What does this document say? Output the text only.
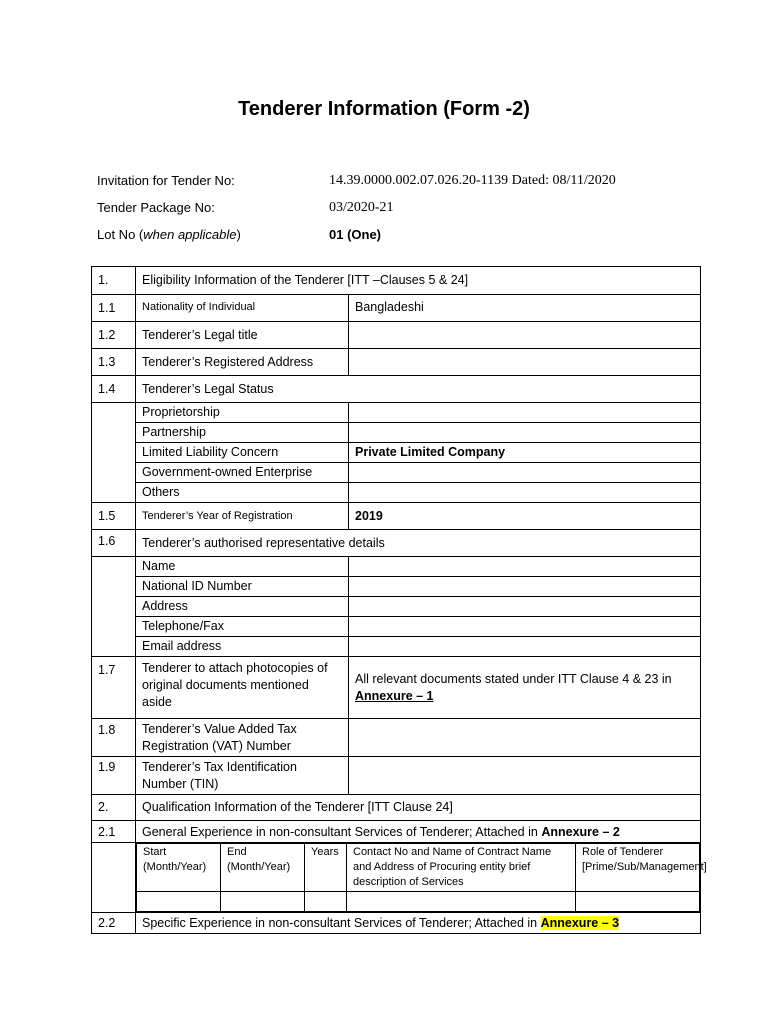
Tenderer Information (Form -2)
Invitation for Tender No:	14.39.0000.002.07.026.20-1139 Dated: 08/11/2020
Tender Package No:	03/2020-21
Lot No (when applicable)	01 (One)
1.	Eligibility Information of the Tenderer [ITT –Clauses 5 & 24]
1.1	Nationality of Individual	Bangladeshi
1.2	Tenderer’s Legal title	
1.3	Tenderer’s Registered Address	
1.4	Tenderer’s Legal Status
	Proprietorship	
Partnership	
Limited Liability Concern	Private Limited Company
Government-owned Enterprise	
Others	
1.5	Tenderer’s Year of Registration	2019
1.6	Tenderer’s authorised representative details
	Name	
National ID Number	
Address	
Telephone/Fax	
Email address	
1.7	Tenderer to attach photocopies of original documents mentioned aside	All relevant documents stated under ITT Clause 4 & 23 in Annexure – 1
1.8	Tenderer’s Value Added Tax Registration (VAT) Number	
1.9	Tenderer’s Tax Identification Number (TIN)	
2.	Qualification Information of the Tenderer [ITT Clause 24]
2.1	General Experience in non-consultant Services of Tenderer; Attached in Annexure – 2

Start (Month/Year)	End (Month/Year)	Years	Contact No and Name of Contract Name and Address of Procuring entity brief description of Services	Role of Tenderer [Prime/Sub/Management]

2.2	Specific Experience in non-consultant Services of Tenderer; Attached in Annexure – 3
